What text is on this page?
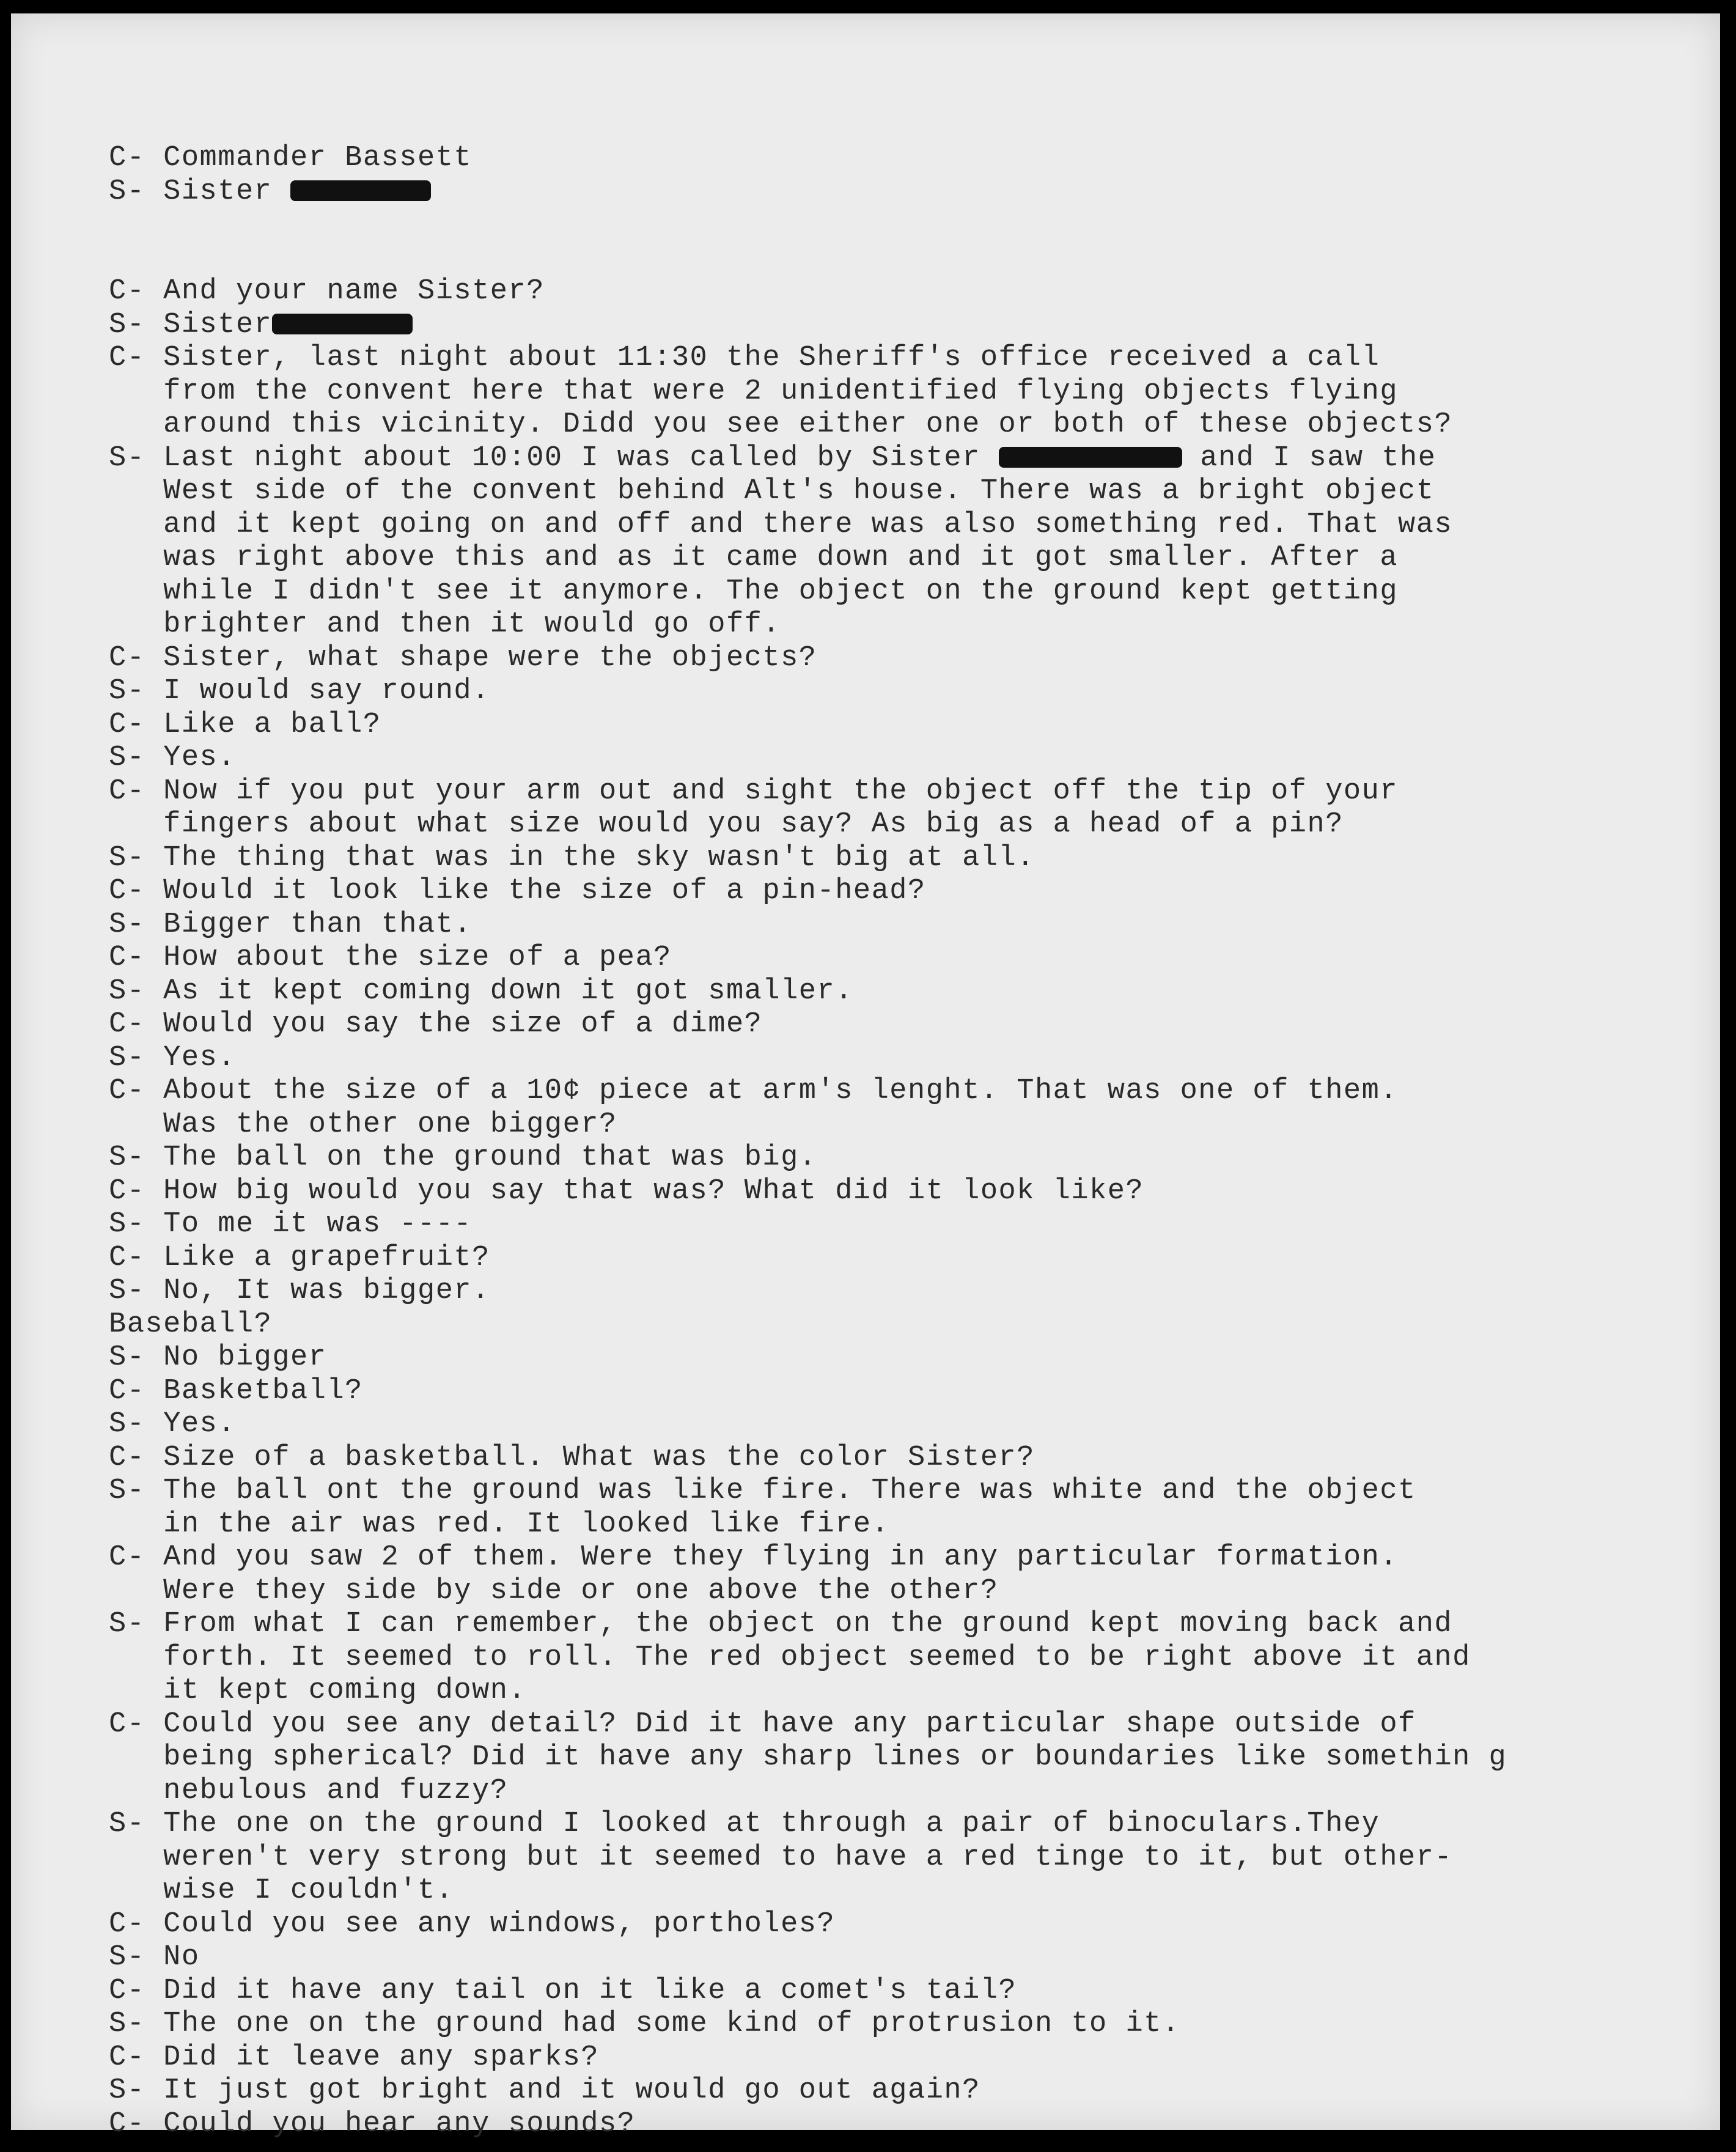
C- Commander Bassett
S- Sister
C- And your name Sister?
S- Sister
C- Sister, last night about 11:30 the Sheriff's office received a call
from the convent here that were 2 unidentified flying objects flying
around this vicinity. Didd you see either one or both of these objects?
S- Last night about 10:00 I was called by Sister	and I saw the
West side of the convent behind Alt's house. There was a bright object
and it kept going on and off and there was also something red. That was
was right above this and as it came down and it got smaller. After a
while I didn't see it anymore. The object on the ground kept getting
brighter and then it would go off.
C- Sister, what shape were the objects?
S- I would say round.
C- Like a ball?
S- Yes.
C- Now if you put your arm out and sight the object off the tip of your
fingers about what size would you say? As big as a head of a pin?
S- The thing that was in the sky wasn't big at all.
C- Would it look like the size of a pin-head?
S- Bigger than that.
C- How about the size of a pea?
S- As it kept coming down it got smaller.
C- Would you say the size of a dime?
S- Yes.
C- About the size of a 10¢ piece at arm's lenght. That was one of them.
Was the other one bigger?
S- The ball on the ground that was big.
C- How big would you say that was? What did it look like?
S- To me it was ----
C- Like a grapefruit?
S- No, It was bigger.
Baseball?
S- No bigger
C- Basketball?
S- Yes.
C- Size of a basketball. What was the color Sister?
S- The ball ont the ground was like fire. There was white and the object
in the air was red. It looked like fire.
C- And you saw 2 of them. Were they flying in any particular formation.
Were they side by side or one above the other?
S- From what I can remember, the object on the ground kept moving back and
forth. It seemed to roll. The red object seemed to be right above it and
it kept coming down.
C- Could you see any detail? Did it have any particular shape outside of
being spherical? Did it have any sharp lines or boundaries like somethin g
nebulous and fuzzy?
S- The one on the ground I looked at through a pair of binoculars.They
weren't very strong but it seemed to have a red tinge to it, but other-
wise I couldn't.
C- Could you see any windows, portholes?
S- No
C- Did it have any tail on it like a comet's tail?
S- The one on the ground had some kind of protrusion to it.
C- Did it leave any sparks?
S- It just got bright and it would go out again?
C- Could you hear any sounds?
